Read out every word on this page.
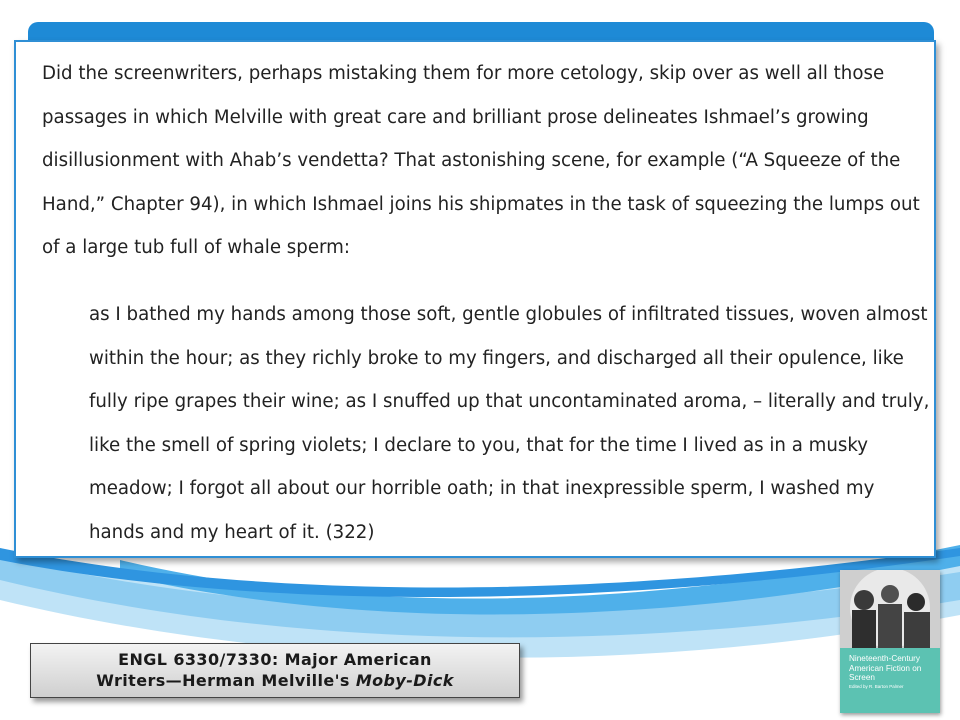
Did the screenwriters, perhaps mistaking them for more cetology, skip over as well all those passages in which Melville with great care and brilliant prose delineates Ishmael’s growing disillusionment with Ahab’s vendetta? That astonishing scene, for example (“A Squeeze of the Hand,” Chapter 94), in which Ishmael joins his shipmates in the task of squeezing the lumps out of a large tub full of whale sperm:

as I bathed my hands among those soft, gentle globules of infiltrated tissues, woven almost within the hour; as they richly broke to my fingers, and discharged all their opulence, like fully ripe grapes their wine; as I snuffed up that uncontaminated aroma, – literally and truly, like the smell of spring violets; I declare to you, that for the time I lived as in a musky meadow; I forgot all about our horrible oath; in that inexpressible sperm, I washed my hands and my heart of it. (322)

ENGL 6330/7330: Major American
Writers—Herman Melville's Moby-Dick
Nineteenth-Century American Fiction on Screen
Edited by R. Barton Palmer
